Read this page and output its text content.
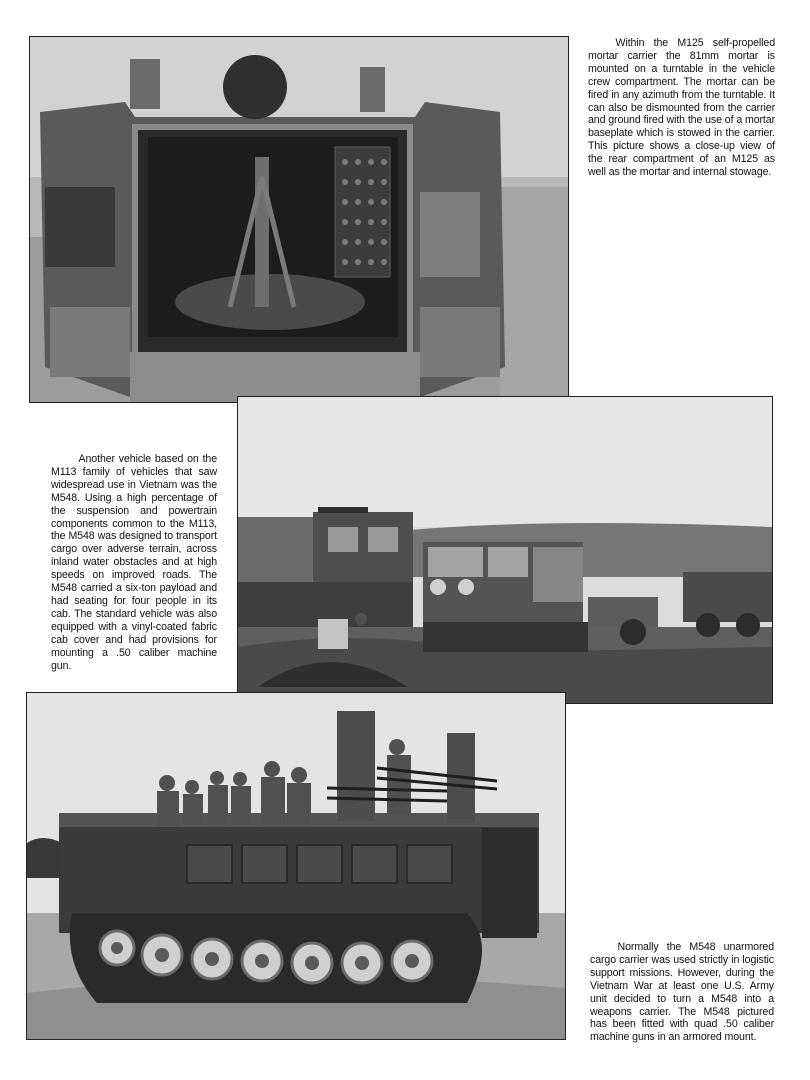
Within the M125 self-propelled mortar carrier the 81mm mortar is mounted on a turntable in the vehicle crew compartment. The mortar can be fired in any azimuth from the turntable. It can also be dismounted from the carrier and ground fired with the use of a mortar baseplate which is stowed in the carrier. This picture shows a close-up view of the rear compartment of an M125 as well as the mortar and internal stowage.

Another vehicle based on the M113 family of vehicles that saw widespread use in Vietnam was the M548. Using a high percentage of the suspension and powertrain components common to the M113, the M548 was designed to transport cargo over adverse terrain, across inland water obstacles and at high speeds on improved roads. The M548 carried a six-ton payload and had seating for four people in its cab. The standard vehicle was also equipped with a vinyl-coated fabric cab cover and had provisions for mounting a .50 caliber machine gun.

Normally the M548 unarmored cargo carrier was used strictly in logistic support missions. However, during the Vietnam War at least one U.S. Army unit decided to turn a M548 into a weapons carrier. The M548 pictured has been fitted with quad .50 caliber machine guns in an armored mount.
